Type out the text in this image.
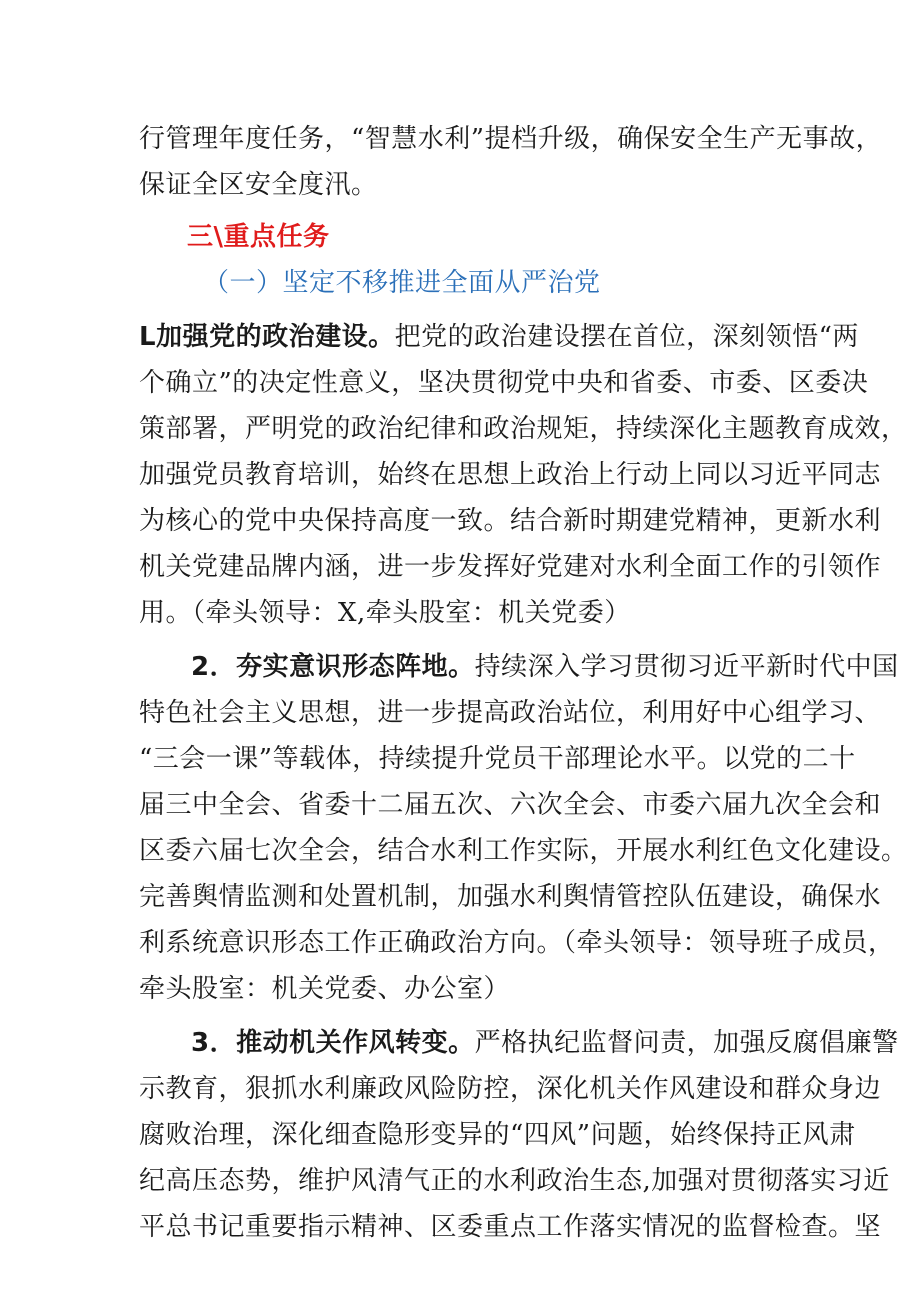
行管理年度任务，“智慧水利”提档升级，确保安全生产无事故，
保证全区安全度汛。
三\重点任务
（一）坚定不移推进全面从严治党
L加强党的政治建设。把党的政治建设摆在首位，深刻领悟“两
个确立”的决定性意义，坚决贯彻党中央和省委、市委、区委决
策部署，严明党的政治纪律和政治规矩，持续深化主题教育成效，
加强党员教育培训，始终在思想上政治上行动上同以习近平同志
为核心的党中央保持高度一致。结合新时期建党精神，更新水利
机关党建品牌内涵，进一步发挥好党建对水利全面工作的引领作
用。（牵头领导：X,牵头股室：机关党委）
2．夯实意识形态阵地。持续深入学习贯彻习近平新时代中国
特色社会主义思想，进一步提高政治站位，利用好中心组学习、
“三会一课”等载体，持续提升党员干部理论水平。以党的二十
届三中全会、省委十二届五次、六次全会、市委六届九次全会和
区委六届七次全会，结合水利工作实际，开展水利红色文化建设。
完善舆情监测和处置机制，加强水利舆情管控队伍建设，确保水
利系统意识形态工作正确政治方向。（牵头领导：领导班子成员，
牵头股室：机关党委、办公室）
3．推动机关作风转变。严格执纪监督问责，加强反腐倡廉警
示教育，狠抓水利廉政风险防控，深化机关作风建设和群众身边
腐败治理，深化细查隐形变异的“四风”问题，始终保持正风肃
纪高压态势，维护风清气正的水利政治生态,加强对贯彻落实习近
平总书记重要指示精神、区委重点工作落实情况的监督检查。坚
